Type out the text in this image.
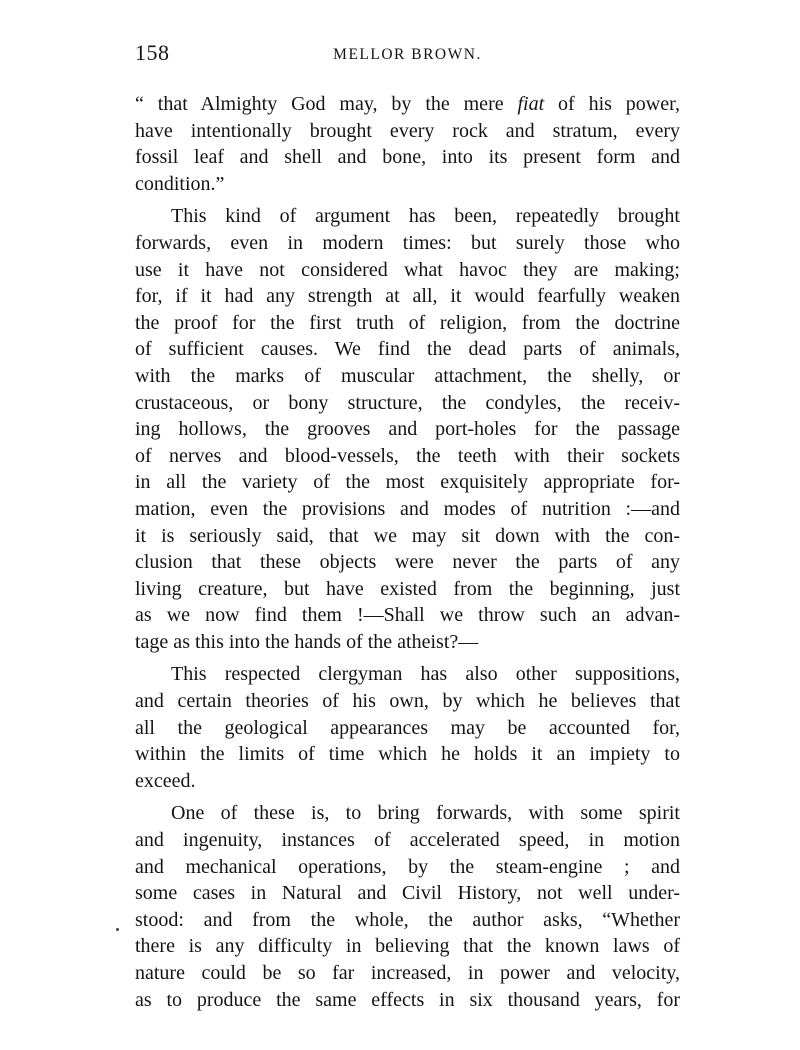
158	MELLOR BROWN.
“ that Almighty God may, by the mere fiat of his power,
have intentionally brought every rock and stratum, every
fossil leaf and shell and bone, into its present form and
condition.”
This kind of argument has been, repeatedly brought
forwards, even in modern times: but surely those who
use it have not considered what havoc they are making;
for, if it had any strength at all, it would fearfully weaken
the proof for the first truth of religion, from the doctrine
of sufficient causes. We find the dead parts of animals,
with the marks of muscular attachment, the shelly, or
crustaceous, or bony structure, the condyles, the receiv-
ing hollows, the grooves and port-holes for the passage
of nerves and blood-vessels, the teeth with their sockets
in all the variety of the most exquisitely appropriate for-
mation, even the provisions and modes of nutrition :—and
it is seriously said, that we may sit down with the con-
clusion that these objects were never the parts of any
living creature, but have existed from the beginning, just
as we now find them !—Shall we throw such an advan-
tage as this into the hands of the atheist?—
This respected clergyman has also other suppositions,
and certain theories of his own, by which he believes that
all the geological appearances may be accounted for,
within the limits of time which he holds it an impiety to
exceed.
One of these is, to bring forwards, with some spirit
and ingenuity, instances of accelerated speed, in motion
and mechanical operations, by the steam-engine ; and
some cases in Natural and Civil History, not well under-
stood: and from the whole, the author asks, “Whether
there is any difficulty in believing that the known laws of
nature could be so far increased, in power and velocity,
as to produce the same effects in six thousand years, for
